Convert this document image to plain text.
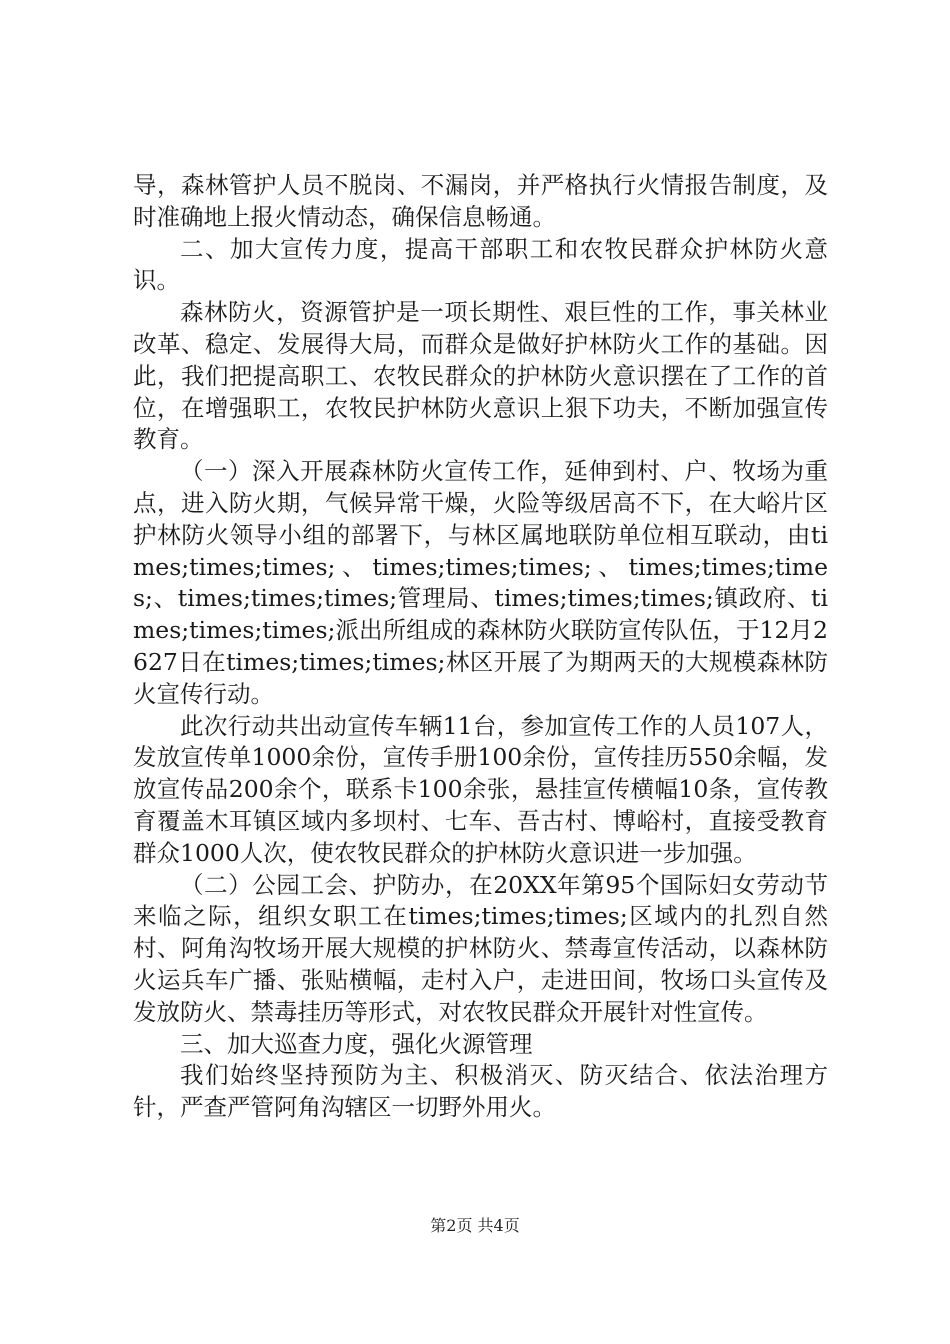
导，森林管护人员不脱岗、不漏岗，并严格执行火情报告制度，及时准确地上报火情动态，确保信息畅通。

二、加大宣传力度，提高干部职工和农牧民群众护林防火意识。

森林防火，资源管护是一项长期性、艰巨性的工作，事关林业改革、稳定、发展得大局，而群众是做好护林防火工作的基础。因此，我们把提高职工、农牧民群众的护林防火意识摆在了工作的首位，在增强职工，农牧民护林防火意识上狠下功夫，不断加强宣传教育。

（一）深入开展森林防火宣传工作，延伸到村、户、牧场为重点，进入防火期，气候异常干燥，火险等级居高不下，在大峪片区护林防火领导小组的部署下，与林区属地联防单位相互联动，由times;times;times;、times;times;times;、times;times;times;、times;times;times;管理局、times;times;times;镇政府、times;times;times;派出所组成的森林防火联防宣传队伍，于12月2627日在times;times;times;林区开展了为期两天的大规模森林防火宣传行动。

此次行动共出动宣传车辆11台，参加宣传工作的人员107人，发放宣传单1000余份，宣传手册100余份，宣传挂历550余幅，发放宣传品200余个，联系卡100余张，悬挂宣传横幅10条，宣传教育覆盖木耳镇区域内多坝村、七车、吾古村、博峪村，直接受教育群众1000人次，使农牧民群众的护林防火意识进一步加强。

（二）公园工会、护防办，在20XX年第95个国际妇女劳动节来临之际，组织女职工在times;times;times;区域内的扎烈自然村、阿角沟牧场开展大规模的护林防火、禁毒宣传活动，以森林防火运兵车广播、张贴横幅，走村入户，走进田间，牧场口头宣传及发放防火、禁毒挂历等形式，对农牧民群众开展针对性宣传。

三、加大巡查力度，强化火源管理

我们始终坚持预防为主、积极消灭、防灭结合、依法治理方针，严查严管阿角沟辖区一切野外用火。

第2页 共4页
